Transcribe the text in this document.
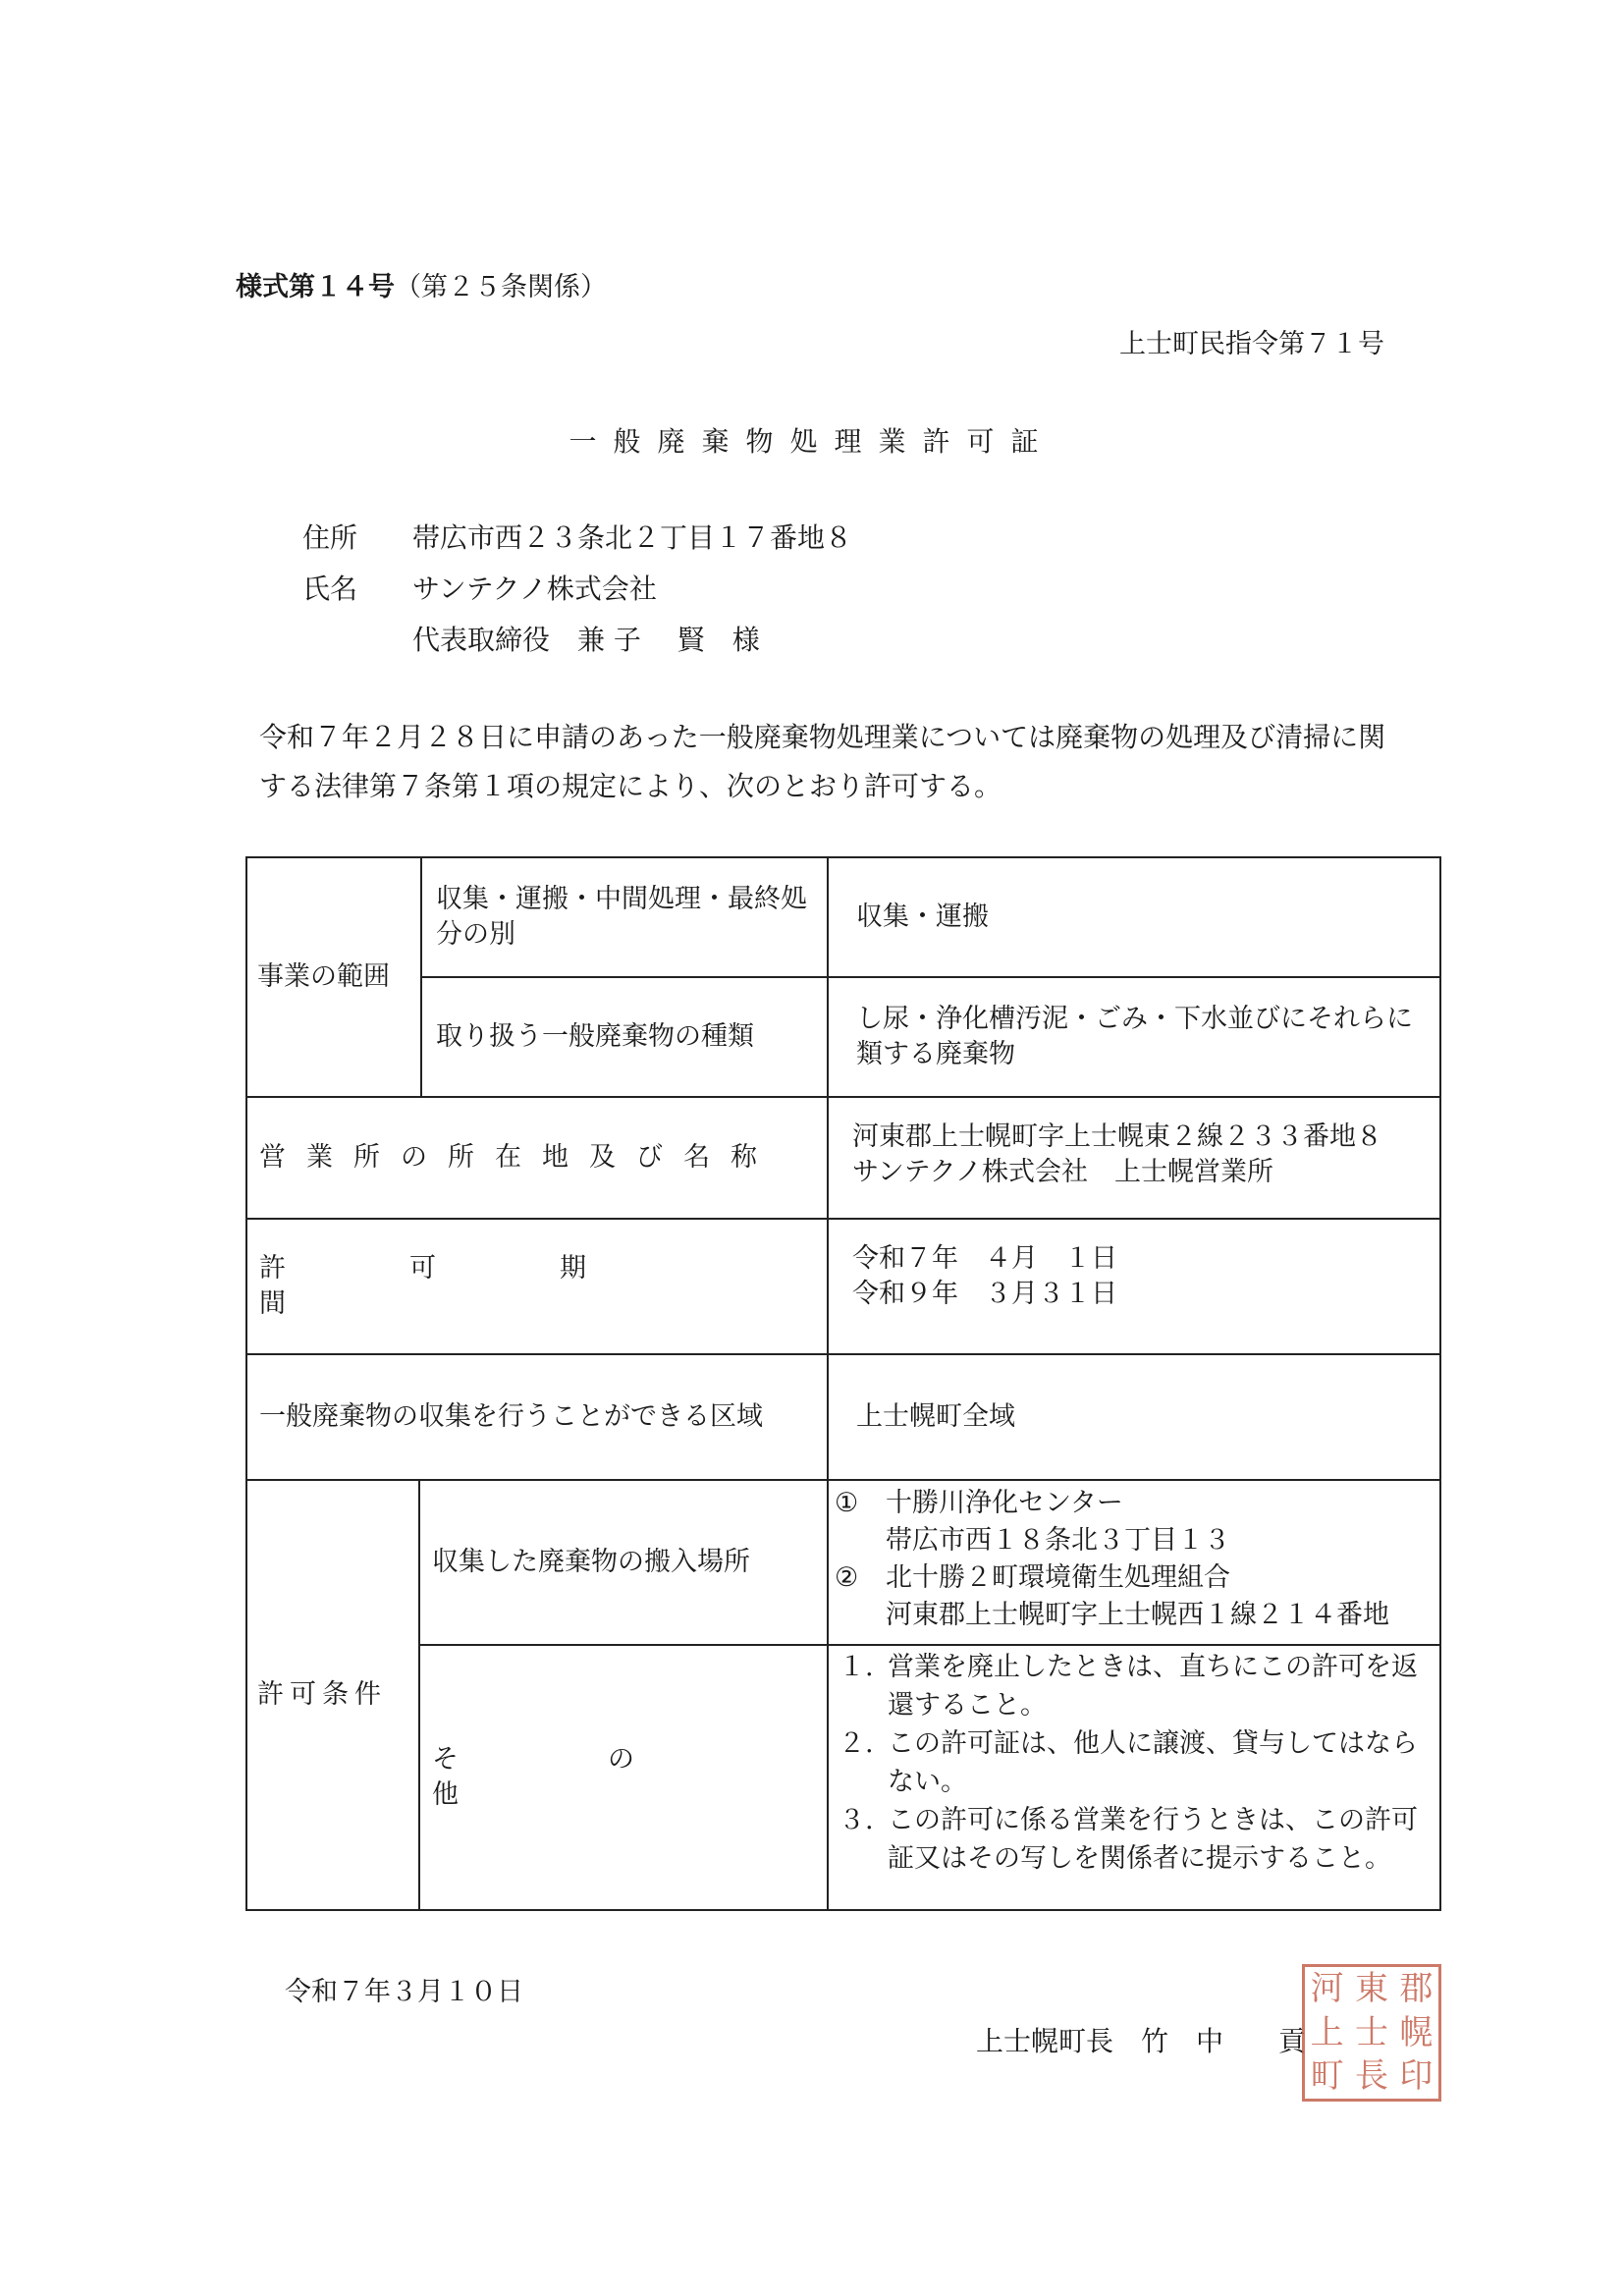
様式第１４号（第２５条関係）
上士町民指令第７１号
一般廃棄物処理業許可証
住所 帯広市西２３条北２丁目１７番地８
氏名 サンテクノ株式会社
代表取締役　兼 子　 賢　様
令和７年２月２８日に申請のあった一般廃棄物処理業については廃棄物の処理及び清掃に関する法律第７条第１項の規定により、次のとおり許可する。
事業の範囲
収集・運搬・中間処理・最終処分の別
収集・運搬
取り扱う一般廃棄物の種類
し尿・浄化槽汚泥・ごみ・下水並びにそれらに類する廃棄物
営業所の所在地及び名称
河東郡上士幌町字上士幌東２線２３３番地８
サンテクノ株式会社　上士幌営業所
許可期間
令和７年　４月　１日
令和９年　３月３１日
一般廃棄物の収集を行うことができる区域	上士幌町全域
許可条件
収集した廃棄物の搬入場所
① 十勝川浄化センター
帯広市西１８条北３丁目１３
② 北十勝２町環境衛生処理組合
河東郡上士幌町字上士幌西１線２１４番地
その他
１. 営業を廃止したときは、直ちにこの許可を返還すること。
２. この許可証は、他人に譲渡、貸与してはならない。
３. この許可に係る営業を行うときは、この許可証又はその写しを関係者に提示すること。
令和７年３月１０日
上士幌町長　竹　中　　貢
河 東 郡
上 士 幌
町 長 印
